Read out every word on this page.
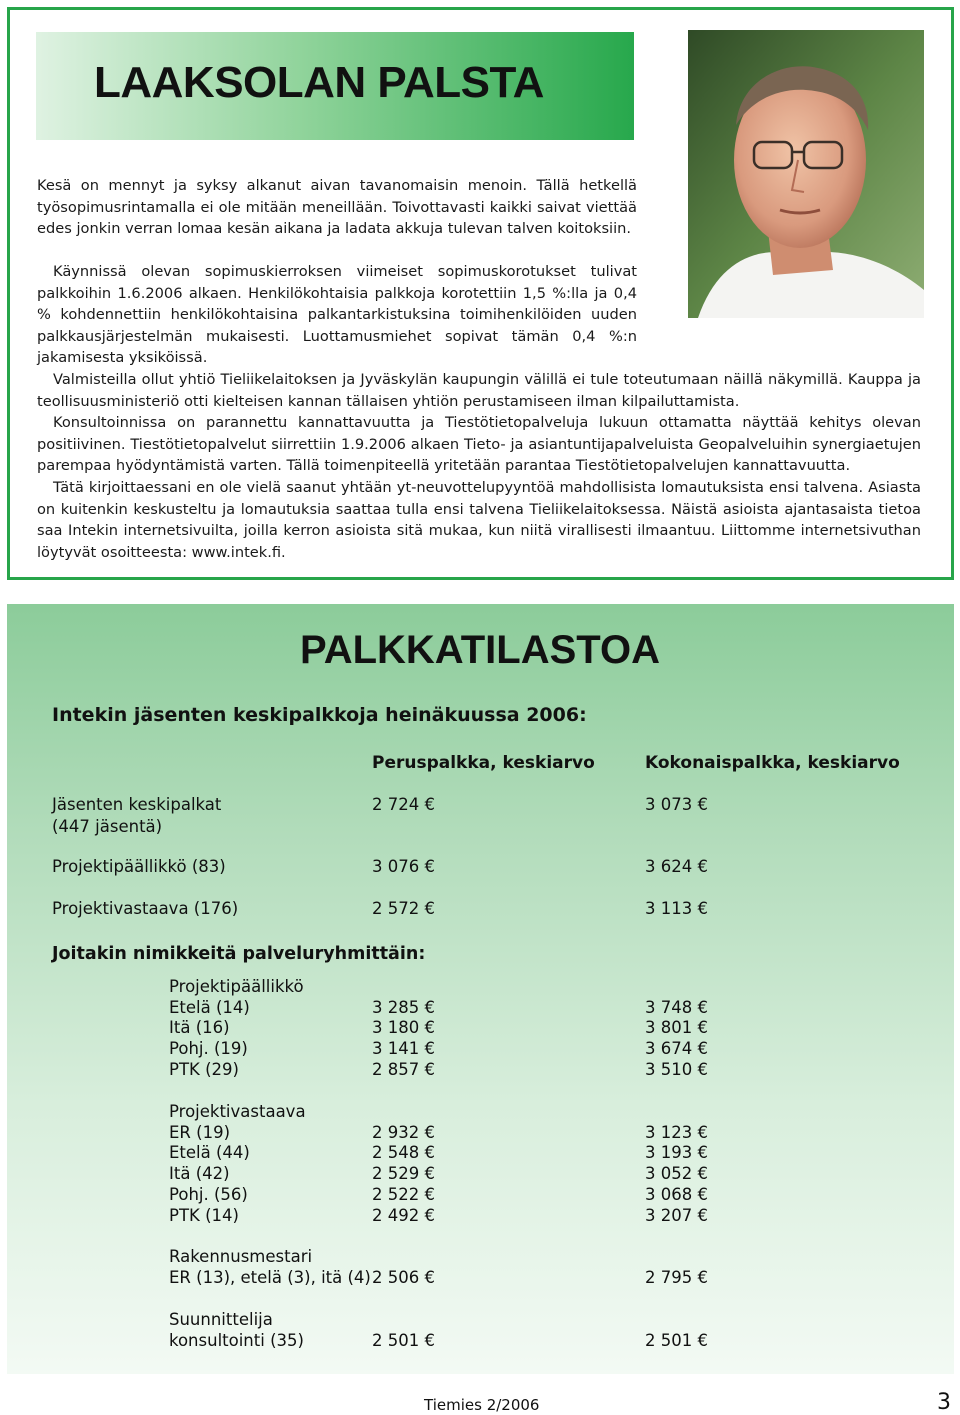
LAAKSOLAN PALSTA
Kesä on mennyt ja syksy alkanut aivan tavanomaisin menoin. Tällä hetkellä työsopimusrintamalla ei ole mitään meneillään. Toivottavasti kaikki saivat viettää edes jonkin verran lomaa kesän aikana ja ladata akkuja tulevan talven koitoksiin.
Käynnissä olevan sopimuskierroksen viimeiset sopimuskorotukset tulivat palkkoihin 1.6.2006 alkaen. Henkilökohtaisia palkkoja korotettiin 1,5 %:lla ja 0,4 % kohdennettiin henkilökohtaisina palkantarkistuksina toimihenkilöiden uuden palkkausjärjestelmän mukaisesti. Luottamusmiehet sopivat tämän 0,4 %:n jakamisesta yksiköissä.
Valmisteilla ollut yhtiö Tieliikelaitoksen ja Jyväskylän kaupungin välillä ei tule toteutumaan näillä näkymillä. Kauppa ja teollisuusministeriö otti kielteisen kannan tällaisen yhtiön perustamiseen ilman kilpailuttamista.
Konsultoinnissa on parannettu kannattavuutta ja Tiestötietopalveluja lukuun ottamatta näyttää kehitys olevan positiivinen. Tiestötietopalvelut siirrettiin 1.9.2006 alkaen Tieto- ja asiantuntijapalveluista Geopalveluihin synergiaetujen parempaa hyödyntämistä varten. Tällä toimenpiteellä yritetään parantaa Tiestötietopalvelujen kannattavuutta.
Tätä kirjoittaessani en ole vielä saanut yhtään yt-neuvottelupyyntöä mahdollisista lomautuksista ensi talvena. Asiasta on kuitenkin keskusteltu ja lomautuksia saattaa tulla ensi talvena Tieliikelaitoksessa. Näistä asioista ajantasaista tietoa saa Intekin internetsivuilta, joilla kerron asioista sitä mukaa, kun niitä virallisesti ilmaantuu. Liittomme internetsivuthan löytyvät osoitteesta: www.intek.fi.
PALKKATILASTOA
Intekin jäsenten keskipalkkoja heinäkuussa 2006:
Peruspalkka, keskiarvo	Kokonaispalkka, keskiarvo
Jäsenten keskipalkat
(447 jäsentä)
2 724 €	3 073 €
Projektipäällikkö (83)	3 076 €	3 624 €
Projektivastaava (176)	2 572 €	3 113 €
Joitakin nimikkeitä palveluryhmittäin:
Projektipäällikkö
Etelä (14)	3 285 €	3 748 €
Itä (16)	3 180 €	3 801 €
Pohj. (19)	3 141 €	3 674 €
PTK (29)	2 857 €	3 510 €
Projektivastaava
ER (19)	2 932 €	3 123 €
Etelä (44)	2 548 €	3 193 €
Itä (42)	2 529 €	3 052 €
Pohj. (56)	2 522 €	3 068 €
PTK (14)	2 492 €	3 207 €
Rakennusmestari
ER (13), etelä (3), itä (4) 2 506 €	2 795 €
Suunnittelija
konsultointi (35)	2 501 €	2 501 €
Tiemies 2/2006	3
